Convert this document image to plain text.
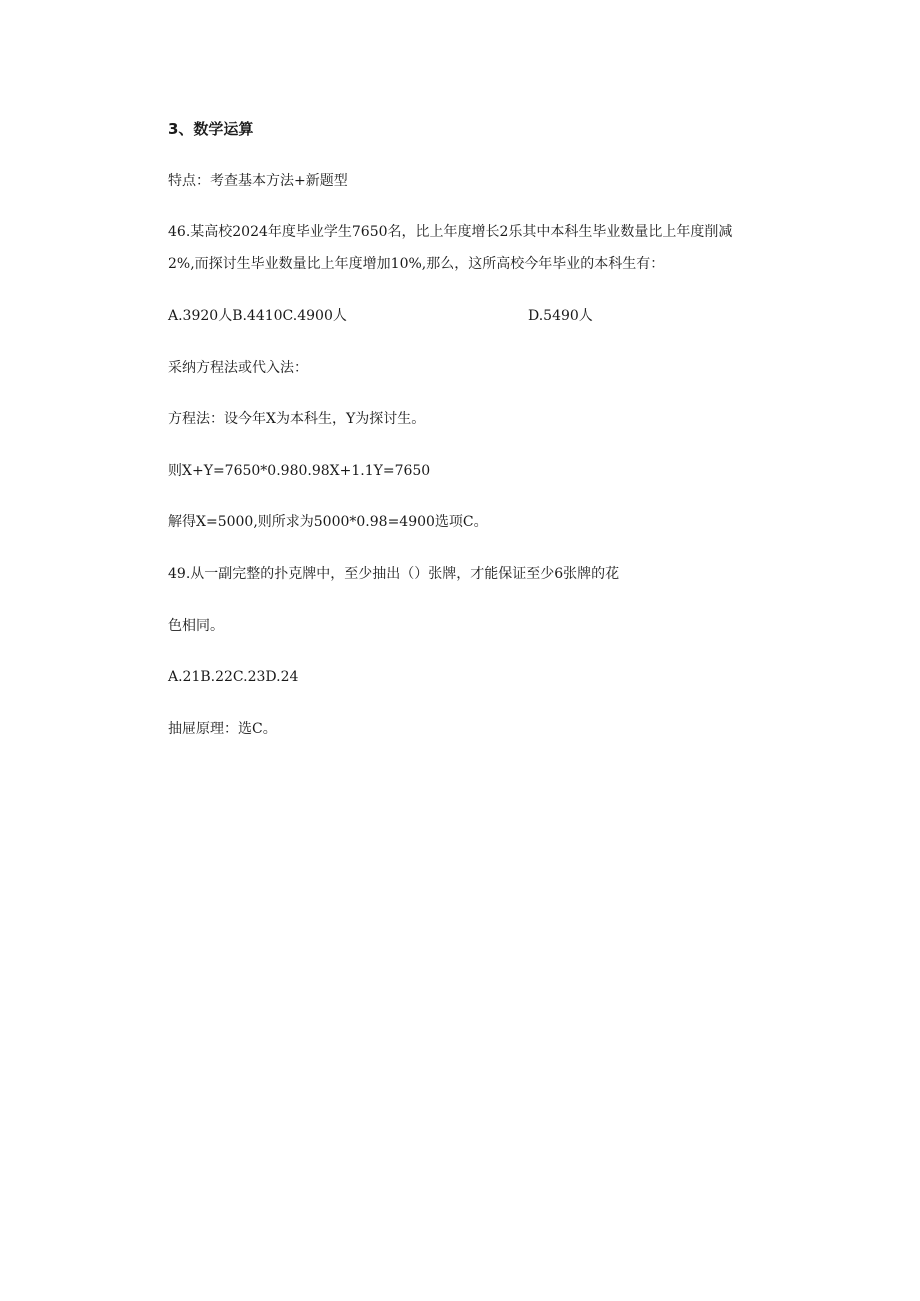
3、数学运算
特点：考查基本方法+新题型
46.某高校2024年度毕业学生7650名，比上年度增长2乐其中本科生毕业数量比上年度削减
2%,而探讨生毕业数量比上年度增加10%,那么，这所高校今年毕业的本科生有：
A.3920人B.4410C.4900人	D.5490人
采纳方程法或代入法：
方程法：设今年X为本科生，Y为探讨生。
则X+Y=7650*0.980.98X+1.1Y=7650
解得X=5000,则所求为5000*0.98=4900选项C。
49.从一副完整的扑克牌中，至少抽出（）张牌，才能保证至少6张牌的花
色相同。
A.21B.22C.23D.24
抽屉原理：选C。
